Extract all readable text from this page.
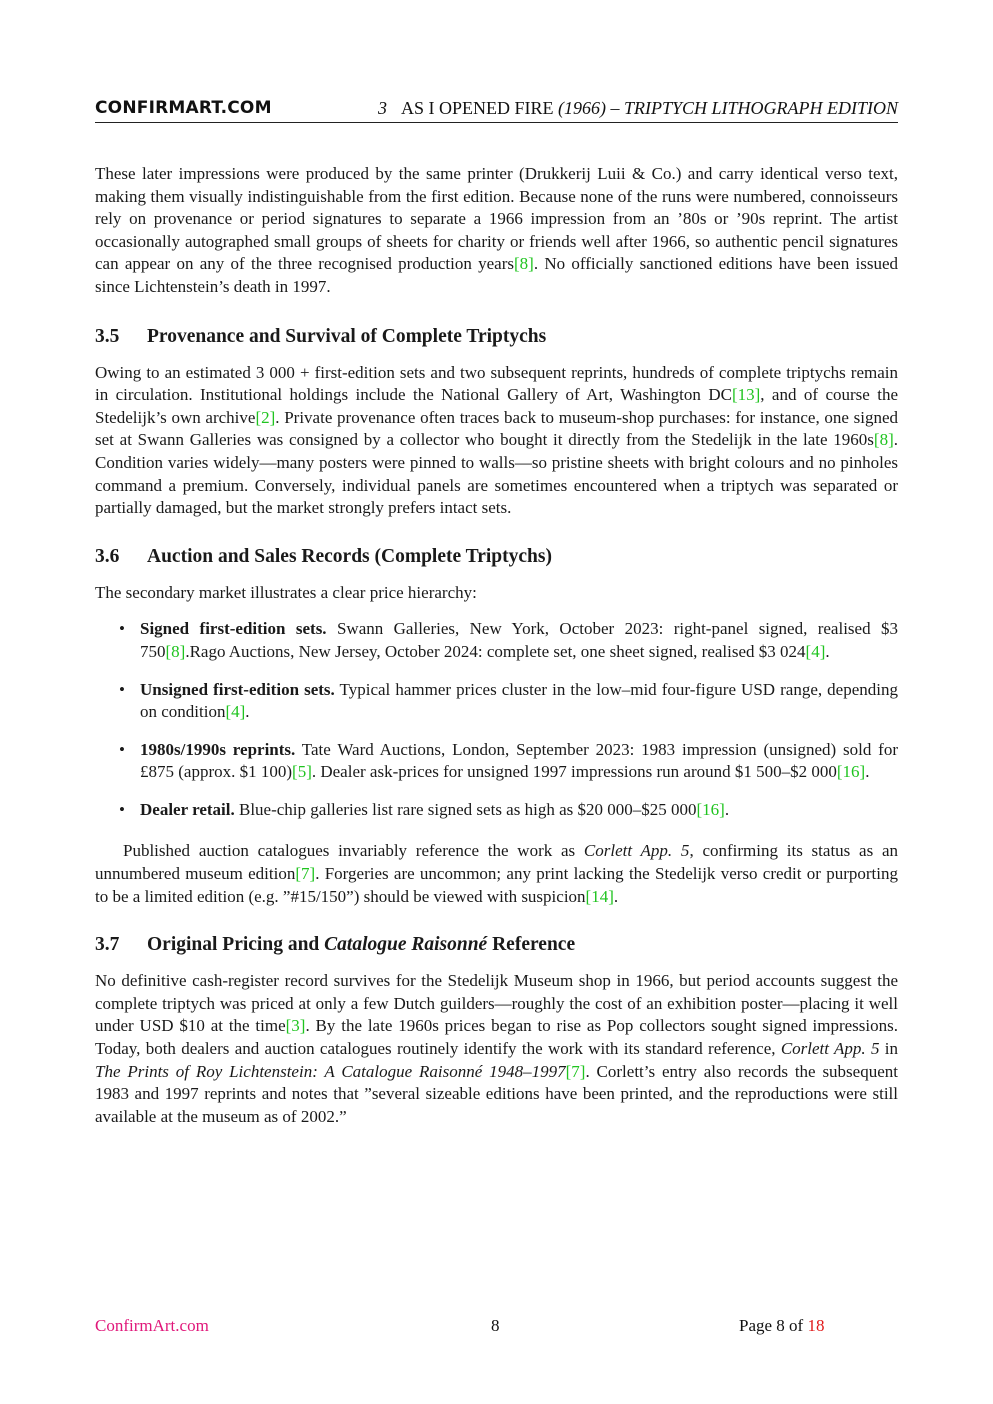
CONFIRMART.COM	3 AS I OPENED FIRE (1966) – TRIPTYCH LITHOGRAPH EDITION

These later impressions were produced by the same printer (Drukkerij Luii & Co.) and carry identical verso text, making them visually indistinguishable from the first edition. Because none of the runs were numbered, connoisseurs rely on provenance or period signatures to separate a 1966 impression from an ’80s or ’90s reprint. The artist occasionally autographed small groups of sheets for charity or friends well after 1966, so authentic pencil signatures can appear on any of the three recognised production years[8]. No officially sanctioned editions have been issued since Lichtenstein’s death in 1997.

3.5 Provenance and Survival of Complete Triptychs

Owing to an estimated 3 000 + first-edition sets and two subsequent reprints, hundreds of complete triptychs remain in circulation. Institutional holdings include the National Gallery of Art, Washington DC[13], and of course the Stedelijk’s own archive[2]. Private provenance often traces back to museum-shop purchases: for instance, one signed set at Swann Galleries was consigned by a collector who bought it directly from the Stedelijk in the late 1960s[8]. Condition varies widely—many posters were pinned to walls—so pristine sheets with bright colours and no pinholes command a premium. Conversely, individual panels are sometimes encountered when a triptych was separated or partially damaged, but the market strongly prefers intact sets.

3.6 Auction and Sales Records (Complete Triptychs)

The secondary market illustrates a clear price hierarchy:

• Signed first-edition sets. Swann Galleries, New York, October 2023: right-panel signed, realised $3 750[8].Rago Auctions, New Jersey, October 2024: complete set, one sheet signed, realised $3 024[4].
• Unsigned first-edition sets. Typical hammer prices cluster in the low–mid four-figure USD range, depending on condition[4].
• 1980s/1990s reprints. Tate Ward Auctions, London, September 2023: 1983 impression (unsigned) sold for £875 (approx. $1 100)[5]. Dealer ask-prices for unsigned 1997 impressions run around $1 500–$2 000[16].
• Dealer retail. Blue-chip galleries list rare signed sets as high as $20 000–$25 000[16].

Published auction catalogues invariably reference the work as Corlett App. 5, confirming its status as an unnumbered museum edition[7]. Forgeries are uncommon; any print lacking the Stedelijk verso credit or purporting to be a limited edition (e.g. ”#15/150”) should be viewed with suspicion[14].

3.7 Original Pricing and Catalogue Raisonné Reference

No definitive cash-register record survives for the Stedelijk Museum shop in 1966, but period accounts suggest the complete triptych was priced at only a few Dutch guilders—roughly the cost of an exhibition poster—placing it well under USD $10 at the time[3]. By the late 1960s prices began to rise as Pop collectors sought signed impressions. Today, both dealers and auction catalogues routinely identify the work with its standard reference, Corlett App. 5 in The Prints of Roy Lichtenstein: A Catalogue Raisonné 1948–1997[7]. Corlett’s entry also records the subsequent 1983 and 1997 reprints and notes that ”several sizeable editions have been printed, and the reproductions were still available at the museum as of 2002.”

ConfirmArt.com	8	Page 8 of 18
